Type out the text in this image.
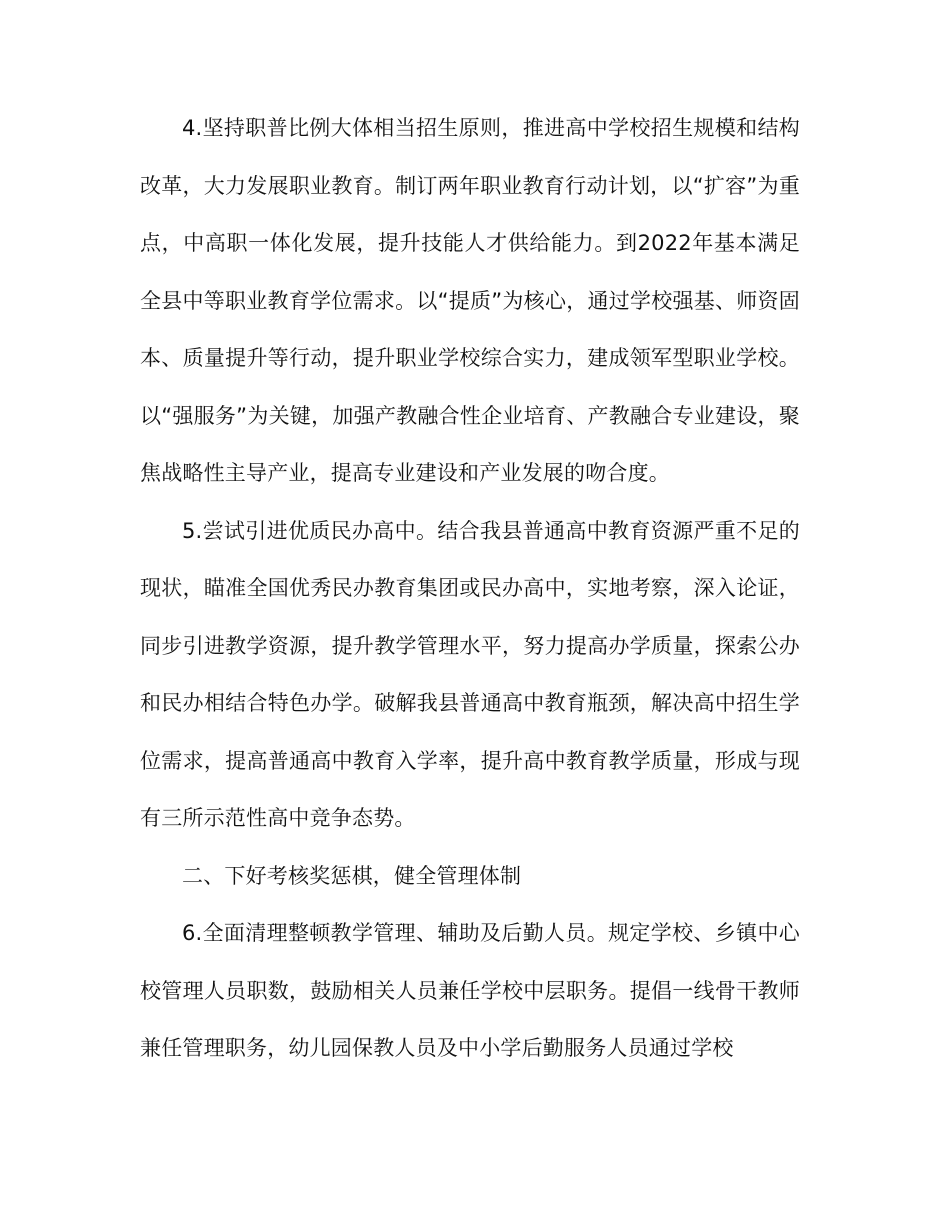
4.坚持职普比例大体相当招生原则，推进高中学校招生规模和结构改革，大力发展职业教育。制订两年职业教育行动计划，以“扩容”为重点，中高职一体化发展，提升技能人才供给能力。到2022年基本满足全县中等职业教育学位需求。以“提质”为核心，通过学校强基、师资固本、质量提升等行动，提升职业学校综合实力，建成领军型职业学校。以“强服务”为关键，加强产教融合性企业培育、产教融合专业建设，聚焦战略性主导产业，提高专业建设和产业发展的吻合度。

5.尝试引进优质民办高中。结合我县普通高中教育资源严重不足的现状，瞄准全国优秀民办教育集团或民办高中，实地考察，深入论证，同步引进教学资源，提升教学管理水平，努力提高办学质量，探索公办和民办相结合特色办学。破解我县普通高中教育瓶颈，解决高中招生学位需求，提高普通高中教育入学率，提升高中教育教学质量，形成与现有三所示范性高中竞争态势。

二、下好考核奖惩棋，健全管理体制

6.全面清理整顿教学管理、辅助及后勤人员。规定学校、乡镇中心校管理人员职数，鼓励相关人员兼任学校中层职务。提倡一线骨干教师兼任管理职务，幼儿园保教人员及中小学后勤服务人员通过学校
